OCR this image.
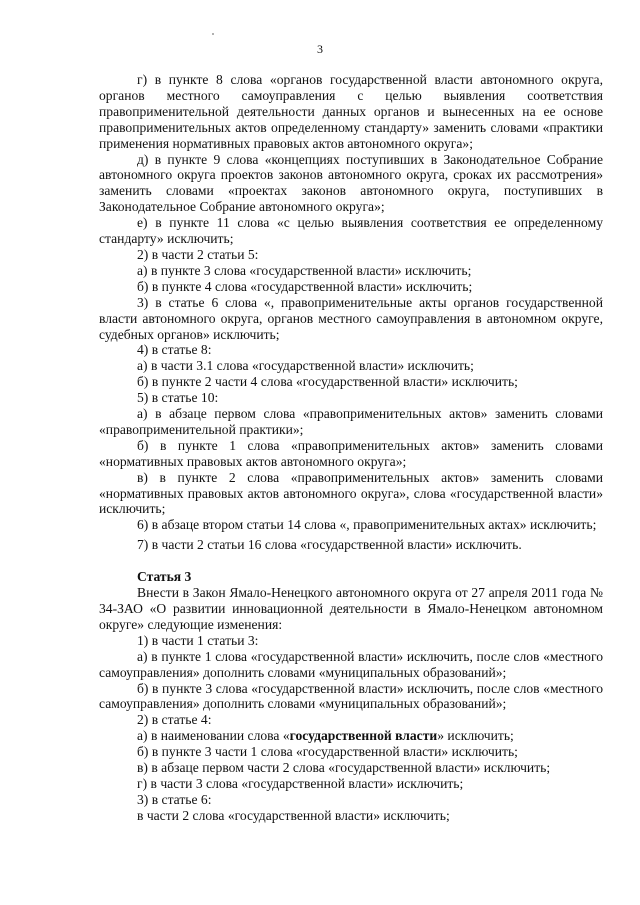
3

г) в пункте 8 слова «органов государственной власти автономного округа, органов местного самоуправления с целью выявления соответствия правоприменительной деятельности данных органов и вынесенных на ее основе правоприменительных актов определенному стандарту» заменить словами «практики применения нормативных правовых актов автономного округа»;

д) в пункте 9 слова «концепциях поступивших в Законодательное Собрание автономного округа проектов законов автономного округа, сроках их рассмотрения» заменить словами «проектах законов автономного округа, поступивших в Законодательное Собрание автономного округа»;

е) в пункте 11 слова «с целью выявления соответствия ее определенному стандарту» исключить;

2) в части 2 статьи 5:

а) в пункте 3 слова «государственной власти» исключить;

б) в пункте 4 слова «государственной власти» исключить;

3) в статье 6 слова «, правоприменительные акты органов государственной власти автономного округа, органов местного самоуправления в автономном округе, судебных органов» исключить;

4) в статье 8:

а) в части 3.1 слова «государственной власти» исключить;

б) в пункте 2 части 4 слова «государственной власти» исключить;

5) в статье 10:

а) в абзаце первом слова «правоприменительных актов» заменить словами «правоприменительной практики»;

б) в пункте 1 слова «правоприменительных актов» заменить словами «нормативных правовых актов автономного округа»;

в) в пункте 2 слова «правоприменительных актов» заменить словами «нормативных правовых актов автономного округа», слова «государственной власти» исключить;

6) в абзаце втором статьи 14 слова «, правоприменительных актах» исключить;

7) в части 2 статьи 16 слова «государственной власти» исключить.

Статья 3

Внести в Закон Ямало-Ненецкого автономного округа от 27 апреля 2011 года № 34-ЗАО «О развитии инновационной деятельности в Ямало-Ненецком автономном округе» следующие изменения:

1) в части 1 статьи 3:

а) в пункте 1 слова «государственной власти» исключить, после слов «местного самоуправления» дополнить словами «муниципальных образований»;

б) в пункте 3 слова «государственной власти» исключить, после слов «местного самоуправления» дополнить словами «муниципальных образований»;

2) в статье 4:

а) в наименовании слова «государственной власти» исключить;

б) в пункте 3 части 1 слова «государственной власти» исключить;

в) в абзаце первом части 2 слова «государственной власти» исключить;

г) в части 3 слова «государственной власти» исключить;

3) в статье 6:

в части 2 слова «государственной власти» исключить;
